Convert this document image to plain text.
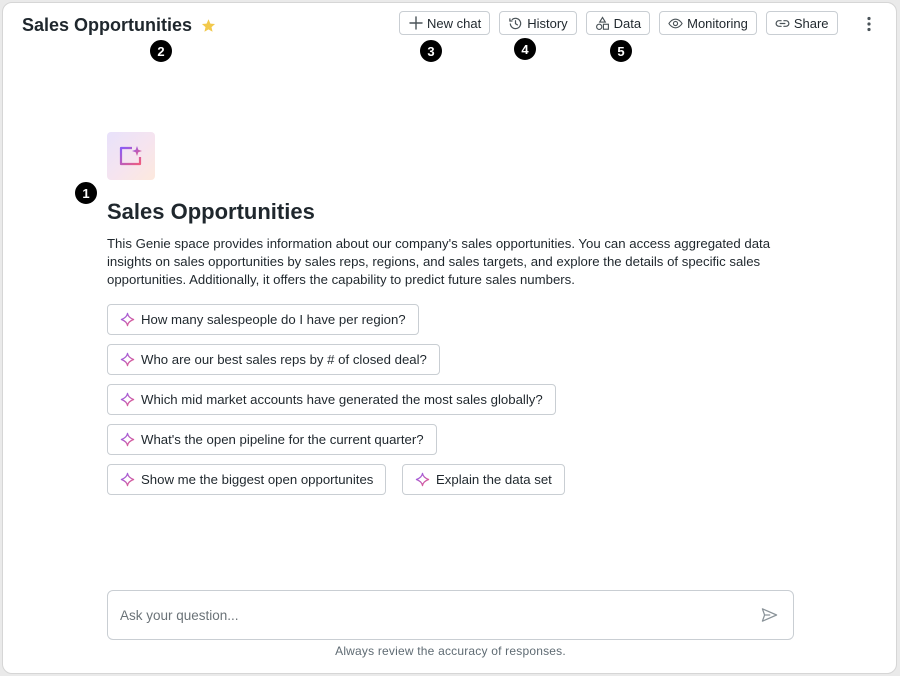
Sales Opportunities	New chat	History	Data	Monitoring	Share
1
2	3	4	5
Sales Opportunities
This Genie space provides information about our company's sales opportunities. You can access aggregated data insights on sales opportunities by sales reps, regions, and sales targets, and explore the details of specific sales opportunities. Additionally, it offers the capability to predict future sales numbers.
How many salespeople do I have per region?
Who are our best sales reps by # of closed deal?
Which mid market accounts have generated the most sales globally?
What's the open pipeline for the current quarter?
Show me the biggest open opportunites	Explain the data set
Ask your question...
Always review the accuracy of responses.
